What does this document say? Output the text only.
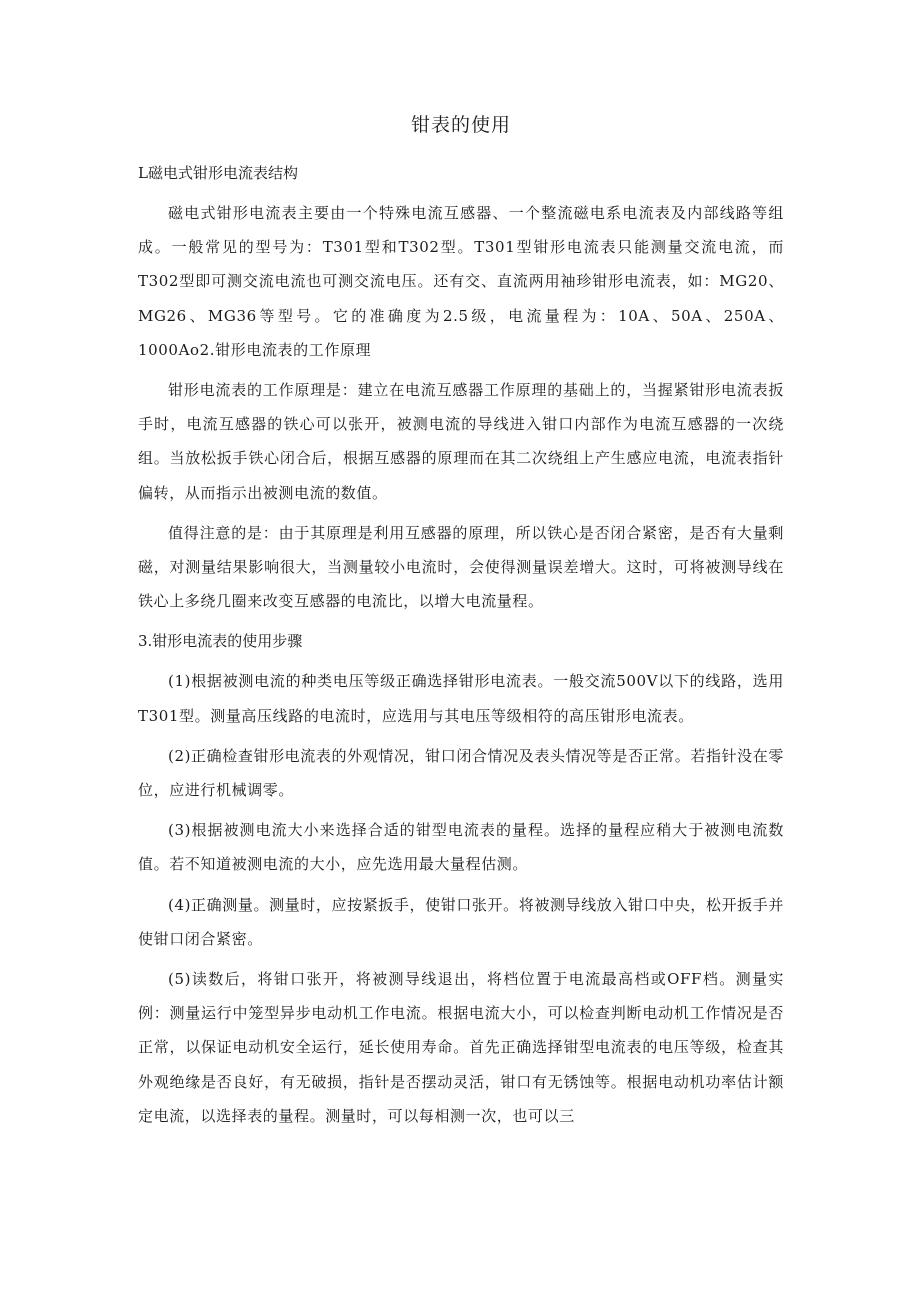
钳表的使用
L磁电式钳形电流表结构

磁电式钳形电流表主要由一个特殊电流互感器、一个整流磁电系电流表及内部线路等组成。一般常见的型号为：T301型和T302型。T301型钳形电流表只能测量交流电流，而T302型即可测交流电流也可测交流电压。还有交、直流两用袖珍钳形电流表，如：MG20、MG26、MG36等型号。它的准确度为2.5级，电流量程为：10A、50A、250A、1000Ao2.钳形电流表的工作原理

钳形电流表的工作原理是：建立在电流互感器工作原理的基础上的，当握紧钳形电流表扳手时，电流互感器的铁心可以张开，被测电流的导线进入钳口内部作为电流互感器的一次绕组。当放松扳手铁心闭合后，根据互感器的原理而在其二次绕组上产生感应电流，电流表指针偏转，从而指示出被测电流的数值。

值得注意的是：由于其原理是利用互感器的原理，所以铁心是否闭合紧密，是否有大量剩磁，对测量结果影响很大，当测量较小电流时，会使得测量误差增大。这时，可将被测导线在铁心上多绕几圈来改变互感器的电流比，以增大电流量程。

3.钳形电流表的使用步骤

(1)根据被测电流的种类电压等级正确选择钳形电流表。一般交流500V以下的线路，选用T301型。测量高压线路的电流时，应选用与其电压等级相符的高压钳形电流表。

(2)正确检查钳形电流表的外观情况，钳口闭合情况及表头情况等是否正常。若指针没在零位，应进行机械调零。

(3)根据被测电流大小来选择合适的钳型电流表的量程。选择的量程应稍大于被测电流数值。若不知道被测电流的大小，应先选用最大量程估测。

(4)正确测量。测量时，应按紧扳手，使钳口张开。将被测导线放入钳口中央，松开扳手并使钳口闭合紧密。

(5)读数后，将钳口张开，将被测导线退出，将档位置于电流最高档或OFF档。测量实例：测量运行中笼型异步电动机工作电流。根据电流大小，可以检查判断电动机工作情况是否正常，以保证电动机安全运行，延长使用寿命。首先正确选择钳型电流表的电压等级，检查其外观绝缘是否良好，有无破损，指针是否摆动灵活，钳口有无锈蚀等。根据电动机功率估计额定电流，以选择表的量程。测量时，可以每相测一次，也可以三
